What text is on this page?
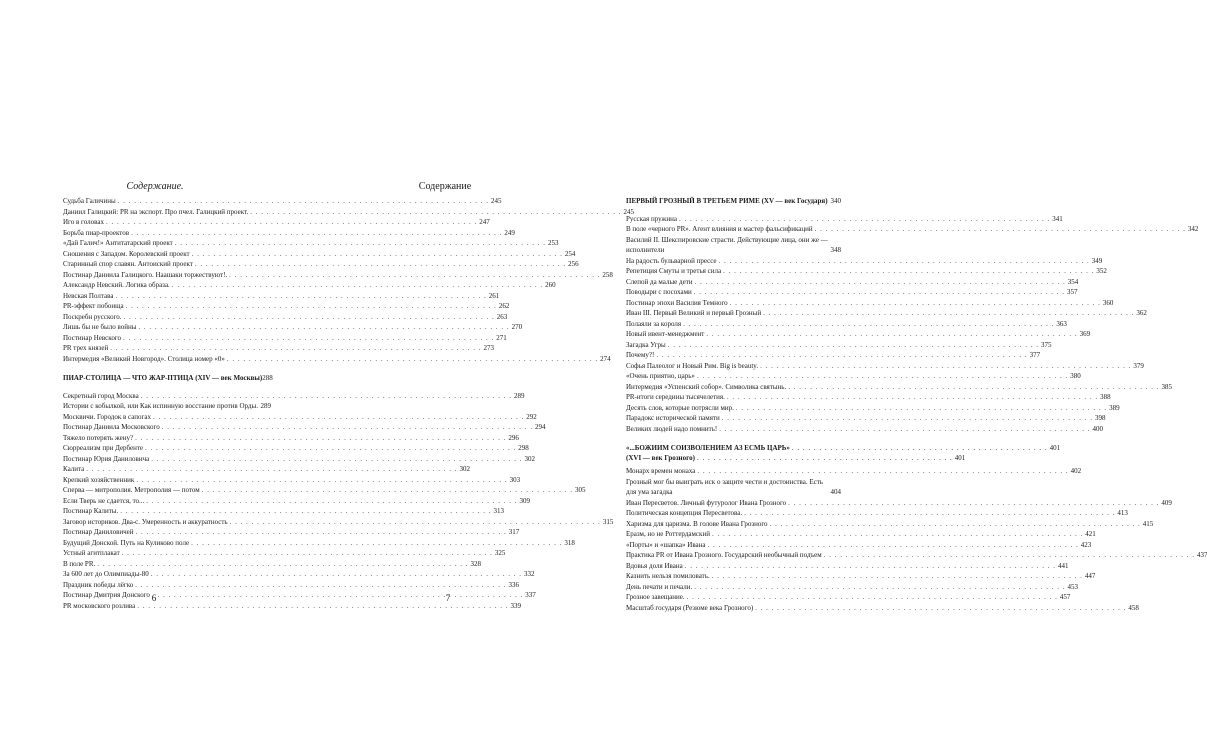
Содержание.
Судьба Галичины . . .	245
Даниил Галицкий: PR на экспорт. Про пчел. Галицкий проект. . . .	245
Иго в головах . . .	247
Борьба пиар-проектов . . .	249
«Дай Галич!» Антитатарский проект . . .	253
Сношения с Западом. Королевский проект . . .	254
Старинный спор славян. Антоиский проект . . .	256
Постинар Даниила Галицкого. Наашаки торжествуют!. . . .	258
Александр Невский. Логика образа. . . .	260
Невская Полтава . . .	261
PR-эффект побоища . . .	262
Поскребн русского. . . .	263
Лишь бы не было войны . . .	270
Постинар Невского . . .	271
PR трех князей . . .	273
Интермедия «Великий Новгород». Столица номер «0» . . .	274
ПИАР-СТОЛИЦА — ЧТО ЖАР-ПТИЦА (XIV — век Москвы) 288
Секретный город Москва . . .	289
Истории с кобылкой, или Как испинную восстание против Орды. 289
Москвичи. Городок в сапогах . . .	292
Постинар Даниила Московского . . .	294
Тяжело потерять жену? . . .	296
Сюрреализм при Дербенте . . .	298
Постинар Юрия Даниловича . . .	302
Калита . . .	302
Крепкий хозяйственник . . .	303
Сперва — митрополия. Метрополия — потом . . .	305
Если Тверь не сдается, то... . . .	309
Постинар Калиты. . . .	313
Заговор историков. Два-с. Умеренность и аккуратность . . .	315
Постинар Даниловичей . . .	317
Будущий Донской. Путь на Куликово поле . . .	318
Устный агитплакат . . .	325
В поле PR. . . .	328
За 600 лет до Олимпиады-80 . . .	332
Праздник победы лёгко . . .	336
Постинар Дмитрия Донского . . .	337
PR московского розлива . . .	339
6
Содержание
ПЕРВЫЙ ГРОЗНЫЙ В ТРЕТЬЕМ РИМЕ (XV — век Государя) 340
Русская пружина . . .	341
В поле «черного PR». Агент влияния и мастер фальсификаций . . .	342
Василий II. Шекспировские страсти. Действующие лица, они же — исполнители	348
На радость бульварной прессе . . .	349
Репетиция Смуты и третья сила . . .	352
Слепой да малые дети . . .	354
Поводыри с посохами . . .	357
Постинар эпохи Василия Темного . . .	360
Иван III. Первый Великий и первый Грозный . . .	362
Полаяли за короля . . .	363
Новый ивент-менеджмент . . .	369
Загадка Угры . . .	375
Почему?! . . .	377
Софья Палеолог и Новый Рим. Big is beauty. . . .	379
«Очень приятно, царь» . . .	380
Интермедия «Успенский собор». Символика святынь. . . .	385
PR-итоги середины тысячелетия. . . .	388
Десять слов, которые потрясли мир. . . .	389
Парадокс исторической памяти . . .	398
Великих людей надо помнить! . . .	400
«...БОЖИИМ СОИЗВОЛЕНИЕМ АЗ ЕСМЬ ЦАРЬ» . . .	401
(XVI — век Грозного) . . .	401
Монарх времен монаха . . .	402
Грозный мог бы выиграть иск о защите чести и достоинства. Есть для ума загадка	404
Иван Пересветов. Личный футуролог Ивана Грозного . . .	409
Политическая концепция Пересветова. . . .	413
Харизма для царизма. В голове Ивана Грозного . . .	415
Еразм, но не Роттердамский . . .	421
«Порты» и «шапка» Ивана . . .	423
Практика PR от Ивана Грозного. Государский необычный подъем . . .	437
Вдовья доля Ивана . . .	441
Казнить нельзя помиловать. . . .	447
День печати и печали. . . .	453
Грозное завещание. . . .	457
Масштаб государя (Резюме века Грозного) . . .	458
7
